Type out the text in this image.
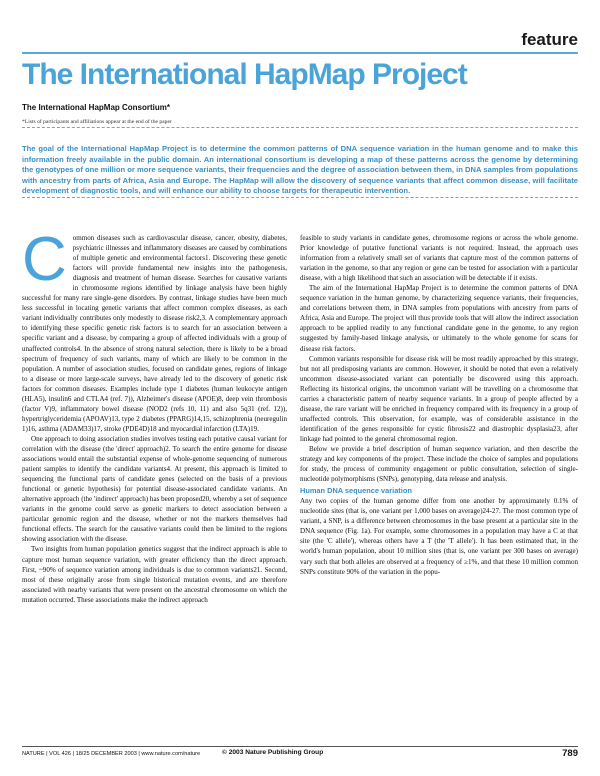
feature
The International HapMap Project
The International HapMap Consortium*
*Lists of participants and affiliations appear at the end of the paper

The goal of the International HapMap Project is to determine the common patterns of DNA sequence variation in the human genome and to make this information freely available in the public domain. An international consortium is developing a map of these patterns across the genome by determining the genotypes of one million or more sequence variants, their frequencies and the degree of association between them, in DNA samples from populations with ancestry from parts of Africa, Asia and Europe. The HapMap will allow the discovery of sequence variants that affect common disease, will facilitate development of diagnostic tools, and will enhance our ability to choose targets for therapeutic intervention.

Common diseases such as cardiovascular disease, cancer, obesity, diabetes, psychiatric illnesses and inflammatory diseases are caused by combinations of multiple genetic and environmental factors1. Discovering these genetic factors will provide fundamental new insights into the pathogenesis, diagnosis and treatment of human disease. Searches for causative variants in chromosome regions identified by linkage analysis have been highly successful for many rare single-gene disorders. By contrast, linkage studies have been much less successful in locating genetic variants that affect common complex diseases, as each variant individually contributes only modestly to disease risk2,3. A complementary approach to identifying these specific genetic risk factors is to search for an association between a specific variant and a disease, by comparing a group of affected individuals with a group of unaffected controls4. In the absence of strong natural selection, there is likely to be a broad spectrum of frequency of such variants, many of which are likely to be common in the population. A number of association studies, focused on candidate genes, regions of linkage to a disease or more large-scale surveys, have already led to the discovery of genetic risk factors for common diseases. Examples include type 1 diabetes (human leukocyte antigen (HLA5), insulin6 and CTLA4 (ref. 7)), Alzheimer's disease (APOE)8, deep vein thrombosis (factor V)9, inflammatory bowel disease (NOD2 (refs 10, 11) and also 5q31 (ref. 12)), hypertriglyceridemia (APOAV)13, type 2 diabetes (PPARG)14,15, schizophrenia (neuregulin 1)16, asthma (ADAM33)17, stroke (PDE4D)18 and myocardial infarction (LTA)19.

One approach to doing association studies involves testing each putative causal variant for correlation with the disease (the 'direct' approach)2. To search the entire genome for disease associations would entail the substantial expense of whole-genome sequencing of numerous patient samples to identify the candidate variants4. At present, this approach is limited to sequencing the functional parts of candidate genes (selected on the basis of a previous functional or genetic hypothesis) for potential disease-associated candidate variants. An alternative approach (the 'indirect' approach) has been proposed20, whereby a set of sequence variants in the genome could serve as genetic markers to detect association between a particular genomic region and the disease, whether or not the markers themselves had functional effects. The search for the causative variants could then be limited to the regions showing association with the disease.

Two insights from human population genetics suggest that the indirect approach is able to capture most human sequence variation, with greater efficiency than the direct approach. First, ~90% of sequence variation among individuals is due to common variants21. Second, most of these originally arose from single historical mutation events, and are therefore associated with nearby variants that were present on the ancestral chromosome on which the mutation occurred. These associations make the indirect approach

feasible to study variants in candidate genes, chromosome regions or across the whole genome. Prior knowledge of putative functional variants is not required. Instead, the approach uses information from a relatively small set of variants that capture most of the common patterns of variation in the genome, so that any region or gene can be tested for association with a particular disease, with a high likelihood that such an association will be detectable if it exists.

The aim of the International HapMap Project is to determine the common patterns of DNA sequence variation in the human genome, by characterizing sequence variants, their frequencies, and correlations between them, in DNA samples from populations with ancestry from parts of Africa, Asia and Europe. The project will thus provide tools that will allow the indirect association approach to be applied readily to any functional candidate gene in the genome, to any region suggested by family-based linkage analysis, or ultimately to the whole genome for scans for disease risk factors.

Common variants responsible for disease risk will be most readily approached by this strategy, but not all predisposing variants are common. However, it should be noted that even a relatively uncommon disease-associated variant can potentially be discovered using this approach. Reflecting its historical origins, the uncommon variant will be travelling on a chromosome that carries a characteristic pattern of nearby sequence variants. In a group of people affected by a disease, the rare variant will be enriched in frequency compared with its frequency in a group of unaffected controls. This observation, for example, was of considerable assistance in the identification of the genes responsible for cystic fibrosis22 and diastrophic dysplasia23, after linkage had pointed to the general chromosomal region.

Below we provide a brief description of human sequence variation, and then describe the strategy and key components of the project. These include the choice of samples and populations for study, the process of community engagement or public consultation, selection of single-nucleotide polymorphisms (SNPs), genotyping, data release and analysis.

Human DNA sequence variation

Any two copies of the human genome differ from one another by approximately 0.1% of nucleotide sites (that is, one variant per 1,000 bases on average)24-27. The most common type of variant, a SNP, is a difference between chromosomes in the base present at a particular site in the DNA sequence (Fig. 1a). For example, some chromosomes in a population may have a C at that site (the 'C allele'), whereas others have a T (the 'T allele'). It has been estimated that, in the world's human population, about 10 million sites (that is, one variant per 300 bases on average) vary such that both alleles are observed at a frequency of ≥1%, and that these 10 million common SNPs constitute 90% of the variation in the popu-

NATURE | VOL 426 | 18/25 DECEMBER 2003 | www.nature.com/nature	© 2003 Nature Publishing Group	789
